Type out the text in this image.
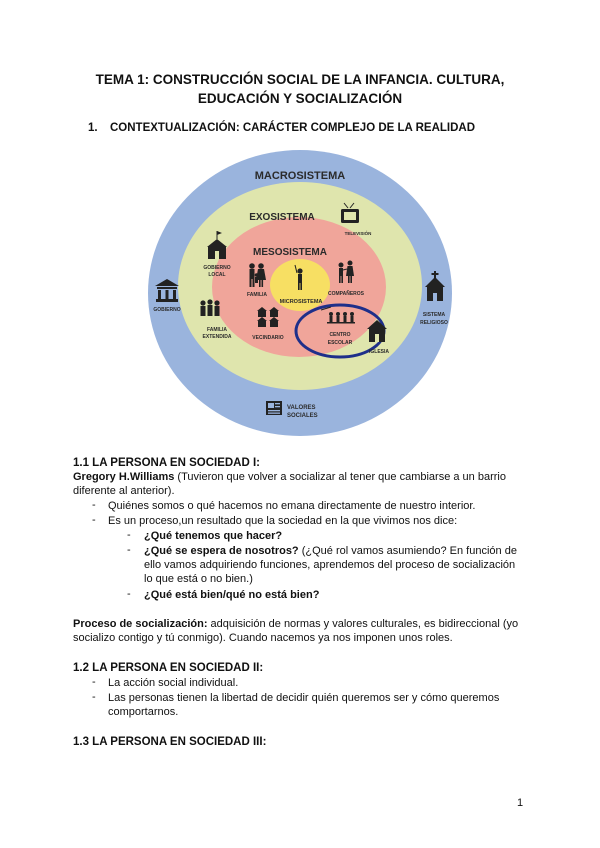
TEMA 1: CONSTRUCCIÓN SOCIAL DE LA INFANCIA. CULTURA,
EDUCACIÓN Y SOCIALIZACIÓN
1. CONTEXTUALIZACIÓN: CARÁCTER COMPLEJO DE LA REALIDAD
MACROSISTEMA
EXOSISTEMA
MESOSISTEMA
MICROSISTEMA
GOBIERNO
GOBIERNO
LOCAL
TELEVISIÓN
FAMILIA	COMPAÑEROS
FAMILIA
EXTENDIDA	VECINDARIO	CENTRO
ESCOLAR
IGLESIA
SISTEMA
RELIGIOSO
VALORES
SOCIALES
1.1 LA PERSONA EN SOCIEDAD I:
Gregory H.Williams (Tuvieron que volver a socializar al tener que cambiarse a un barrio
diferente al anterior).
- Quiénes somos o qué hacemos no emana directamente de nuestro interior.
- Es un proceso,un resultado que la sociedad en la que vivimos nos dice:
- ¿Qué tenemos que hacer?
- ¿Qué se espera de nosotros? (¿Qué rol vamos asumiendo? En función de
ello vamos adquiriendo funciones, aprendemos del proceso de socialización
lo que está o no bien.)
- ¿Qué está bien/qué no está bien?
Proceso de socialización: adquisición de normas y valores culturales, es bidireccional (yo
socializo contigo y tú conmigo). Cuando nacemos ya nos imponen unos roles.
1.2 LA PERSONA EN SOCIEDAD II:
- La acción social individual.
- Las personas tienen la libertad de decidir quién queremos ser y cómo queremos
comportarnos.
1.3 LA PERSONA EN SOCIEDAD III:
1
